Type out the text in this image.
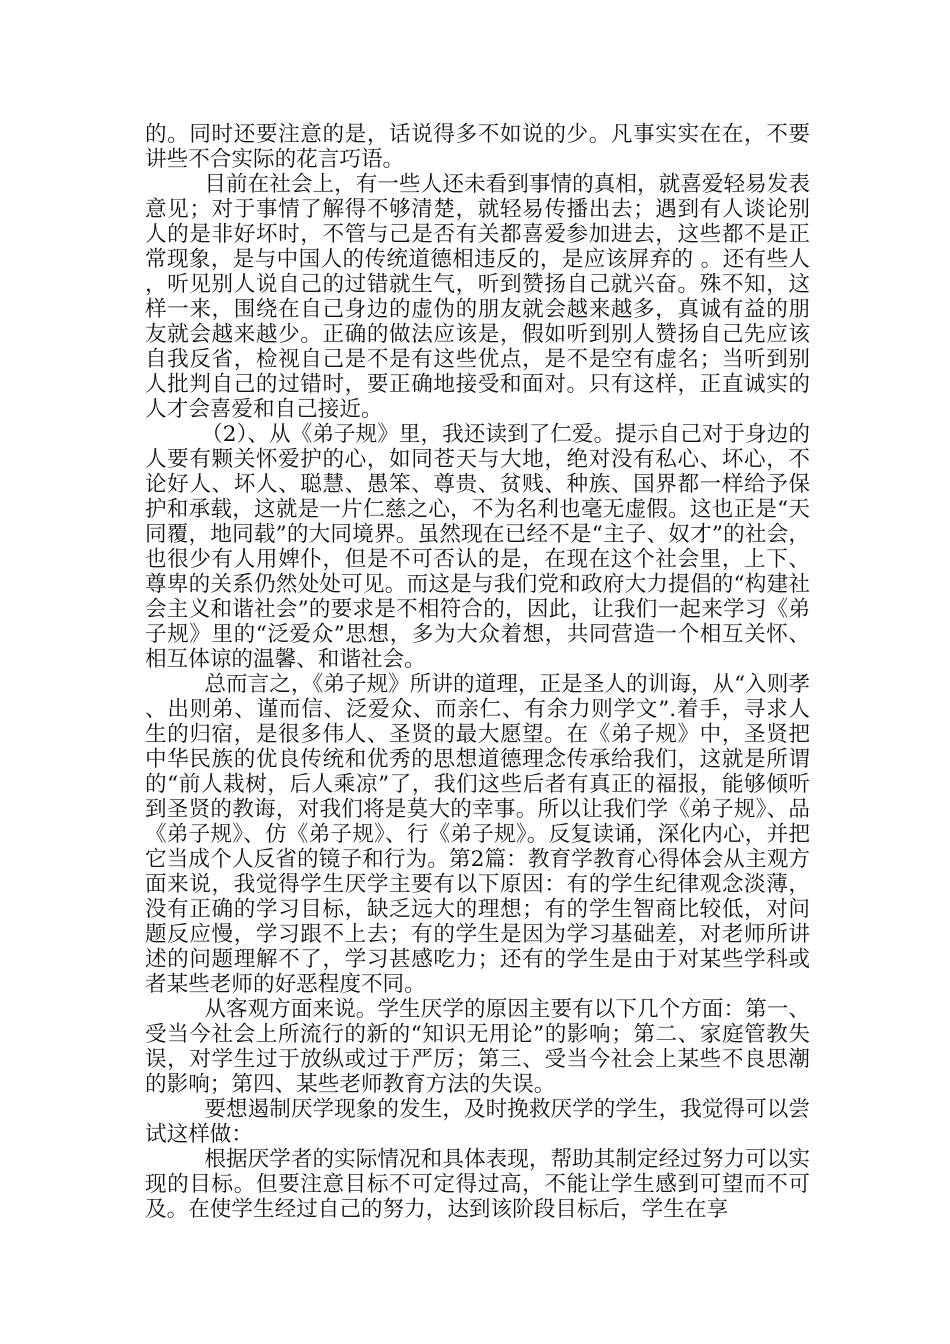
的。同时还要注意的是，话说得多不如说的少。凡事实实在在，不要讲些不合实际的花言巧语。

目前在社会上，有一些人还未看到事情的真相，就喜爱轻易发表意见；对于事情了解得不够清楚，就轻易传播出去；遇到有人谈论别人的是非好坏时，不管与己是否有关都喜爱参加进去，这些都不是正常现象，是与中国人的传统道德相违反的，是应该屏弃的 。还有些人，听见别人说自己的过错就生气，听到赞扬自己就兴奋。殊不知，这样一来，围绕在自己身边的虚伪的朋友就会越来越多，真诚有益的朋友就会越来越少。正确的做法应该是，假如听到别人赞扬自己先应该自我反省，检视自己是不是有这些优点，是不是空有虚名；当听到别人批判自己的过错时，要正确地接受和面对。只有这样，正直诚实的人才会喜爱和自己接近。

（2）、从《弟子规》里，我还读到了仁爱。提示自己对于身边的人要有颗关怀爱护的心，如同苍天与大地，绝对没有私心、坏心，不论好人、坏人、聪慧、愚笨、尊贵、贫贱、种族、国界都一样给予保护和承载，这就是一片仁慈之心，不为名利也毫无虚假。这也正是“天同覆，地同载”的大同境界。虽然现在已经不是“主子、奴才”的社会，也很少有人用婢仆，但是不可否认的是，在现在这个社会里，上下、尊卑的关系仍然处处可见。而这是与我们党和政府大力提倡的“构建社会主义和谐社会”的要求是不相符合的，因此，让我们一起来学习《弟子规》里的“泛爱众”思想，多为大众着想，共同营造一个相互关怀、相互体谅的温馨、和谐社会。

总而言之，《弟子规》所讲的道理，正是圣人的训诲，从“入则孝、出则弟、谨而信、泛爱众、而亲仁、有余力则学文”.着手，寻求人生的归宿，是很多伟人、圣贤的最大愿望。在《弟子规》中，圣贤把中华民族的优良传统和优秀的思想道德理念传承给我们，这就是所谓的“前人栽树，后人乘凉”了，我们这些后者有真正的福报，能够倾听到圣贤的教诲，对我们将是莫大的幸事。所以让我们学《弟子规》、品《弟子规》、仿《弟子规》、行《弟子规》。反复读诵，深化内心，并把它当成个人反省的镜子和行为。第2篇：教育学教育心得体会从主观方面来说，我觉得学生厌学主要有以下原因：有的学生纪律观念淡薄，没有正确的学习目标，缺乏远大的理想；有的学生智商比较低，对问题反应慢，学习跟不上去；有的学生是因为学习基础差，对老师所讲述的问题理解不了，学习甚感吃力；还有的学生是由于对某些学科或者某些老师的好恶程度不同。

从客观方面来说。学生厌学的原因主要有以下几个方面：第一、受当今社会上所流行的新的“知识无用论”的影响；第二、家庭管教失误，对学生过于放纵或过于严厉；第三、受当今社会上某些不良思潮的影响；第四、某些老师教育方法的失误。

要想遏制厌学现象的发生，及时挽救厌学的学生，我觉得可以尝试这样做：

根据厌学者的实际情况和具体表现，帮助其制定经过努力可以实现的目标。但要注意目标不可定得过高，不能让学生感到可望而不可及。在使学生经过自己的努力，达到该阶段目标后，学生在享
